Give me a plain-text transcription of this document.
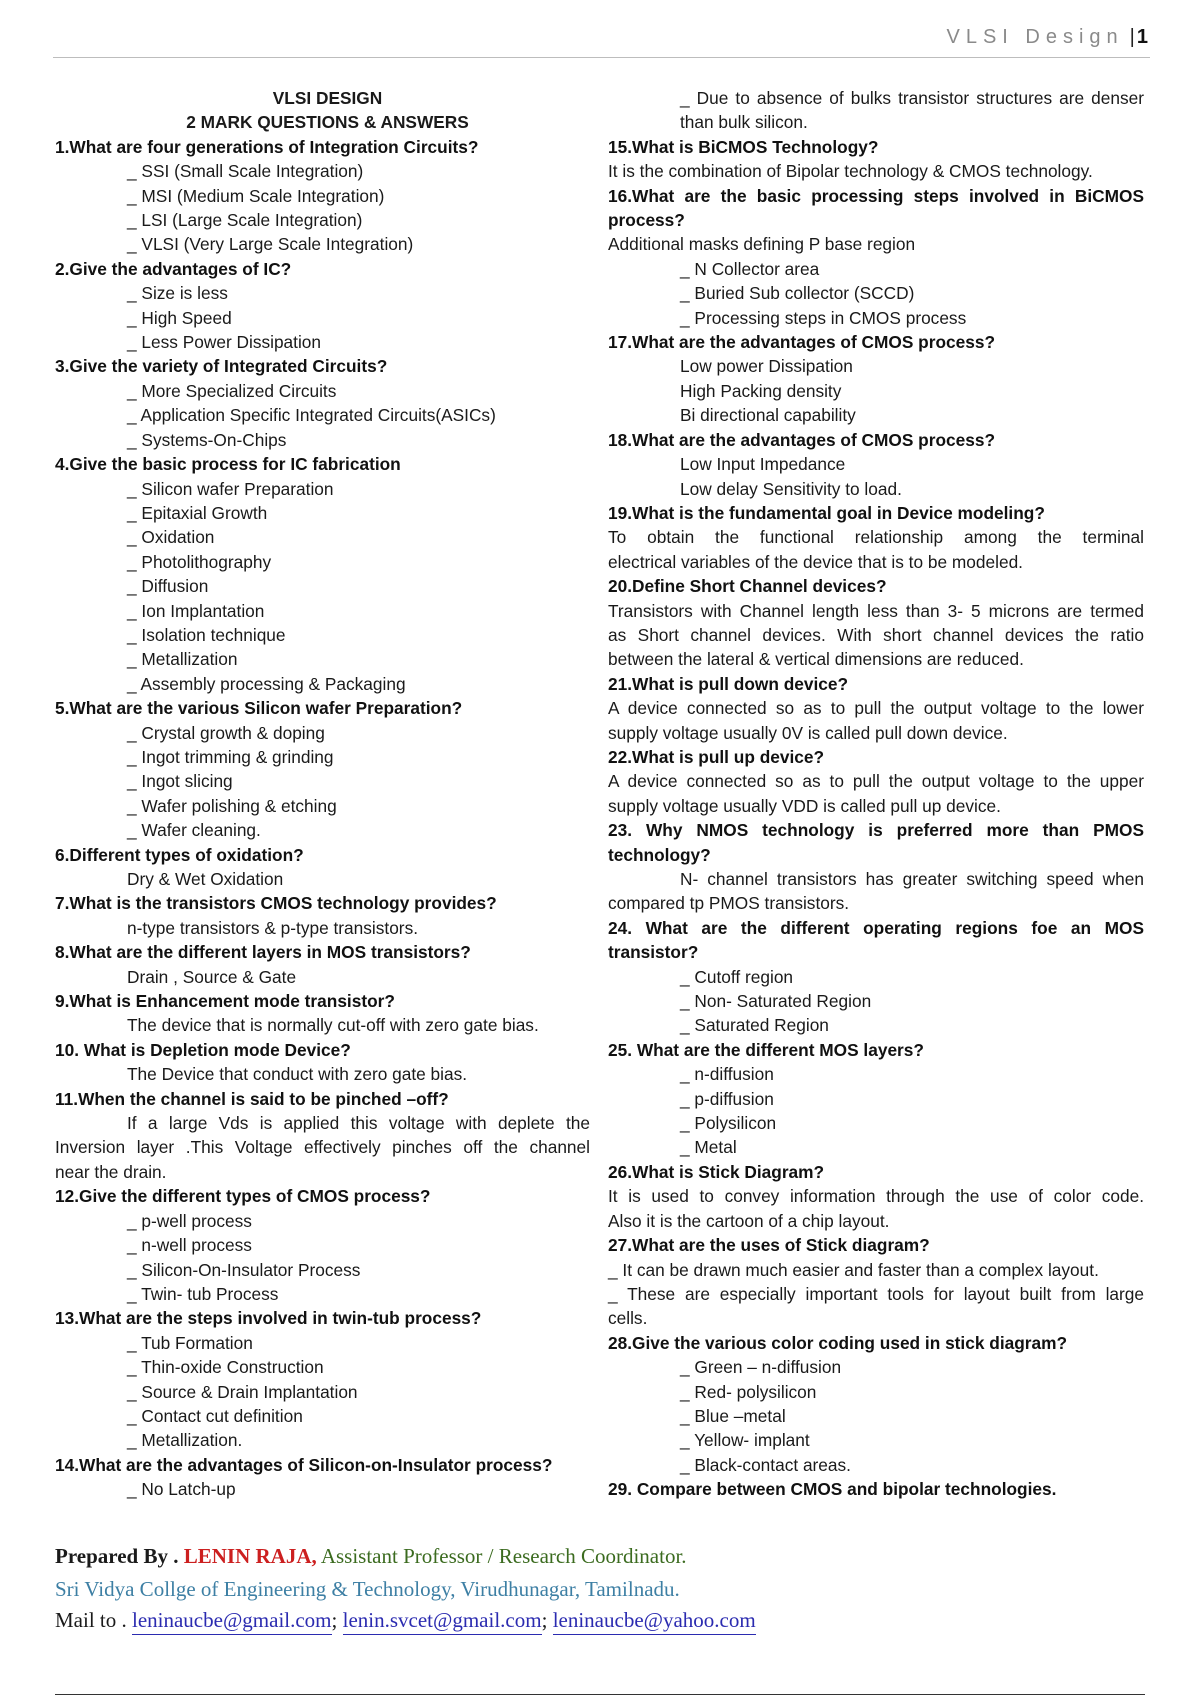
VLSI Design |1
VLSI DESIGN
2 MARK QUESTIONS & ANSWERS
1.What are four generations of Integration Circuits?
_ SSI (Small Scale Integration)
_ MSI (Medium Scale Integration)
_ LSI (Large Scale Integration)
_ VLSI (Very Large Scale Integration)
2.Give the advantages of IC?
_ Size is less
_ High Speed
_ Less Power Dissipation
3.Give the variety of Integrated Circuits?
_ More Specialized Circuits
_ Application Specific Integrated Circuits(ASICs)
_ Systems-On-Chips
4.Give the basic process for IC fabrication
_ Silicon wafer Preparation
_ Epitaxial Growth
_ Oxidation
_ Photolithography
_ Diffusion
_ Ion Implantation
_ Isolation technique
_ Metallization
_ Assembly processing & Packaging
5.What are the various Silicon wafer Preparation?
_ Crystal growth & doping
_ Ingot trimming & grinding
_ Ingot slicing
_ Wafer polishing & etching
_ Wafer cleaning.
6.Different types of oxidation?
Dry & Wet Oxidation
7.What is the transistors CMOS technology provides?
n-type transistors & p-type transistors.
8.What are the different layers in MOS transistors?
Drain , Source & Gate
9.What is Enhancement mode transistor?
The device that is normally cut-off with zero gate bias.
10. What is Depletion mode Device?
The Device that conduct with zero gate bias.
11.When the channel is said to be pinched –off?
If a large Vds is applied this voltage with deplete the
Inversion layer .This Voltage effectively pinches off the channel
near the drain.
12.Give the different types of CMOS process?
_ p-well process
_ n-well process
_ Silicon-On-Insulator Process
_ Twin- tub Process
13.What are the steps involved in twin-tub process?
_ Tub Formation
_ Thin-oxide Construction
_ Source & Drain Implantation
_ Contact cut definition
_ Metallization.
14.What are the advantages of Silicon-on-Insulator process?
_ No Latch-up
_ Due to absence of bulks transistor structures are denser
than bulk silicon.
15.What is BiCMOS Technology?
It is the combination of Bipolar technology & CMOS technology.
16.What are the basic processing steps involved in BiCMOS
process?
Additional masks defining P base region
_ N Collector area
_ Buried Sub collector (SCCD)
_ Processing steps in CMOS process
17.What are the advantages of CMOS process?
Low power Dissipation
High Packing density
Bi directional capability
18.What are the advantages of CMOS process?
Low Input Impedance
Low delay Sensitivity to load.
19.What is the fundamental goal in Device modeling?
To obtain the functional relationship among the terminal
electrical variables of the device that is to be modeled.
20.Define Short Channel devices?
Transistors with Channel length less than 3- 5 microns are termed
as Short channel devices. With short channel devices the ratio
between the lateral & vertical dimensions are reduced.
21.What is pull down device?
A device connected so as to pull the output voltage to the lower
supply voltage usually 0V is called pull down device.
22.What is pull up device?
A device connected so as to pull the output voltage to the upper
supply voltage usually VDD is called pull up device.
23. Why NMOS technology is preferred more than PMOS
technology?
N- channel transistors has greater switching speed when
compared tp PMOS transistors.
24. What are the different operating regions foe an MOS
transistor?
_ Cutoff region
_ Non- Saturated Region
_ Saturated Region
25. What are the different MOS layers?
_ n-diffusion
_ p-diffusion
_ Polysilicon
_ Metal
26.What is Stick Diagram?
It is used to convey information through the use of color code.
Also it is the cartoon of a chip layout.
27.What are the uses of Stick diagram?
_ It can be drawn much easier and faster than a complex layout.
_ These are especially important tools for layout built from large
cells.
28.Give the various color coding used in stick diagram?
_ Green – n-diffusion
_ Red- polysilicon
_ Blue –metal
_ Yellow- implant
_ Black-contact areas.
29. Compare between CMOS and bipolar technologies.
Prepared By . LENIN RAJA, Assistant Professor / Research Coordinator.
Sri Vidya Collge of Engineering & Technology, Virudhunagar, Tamilnadu.
Mail to . leninaucbe@gmail.com; lenin.svcet@gmail.com; leninaucbe@yahoo.com
